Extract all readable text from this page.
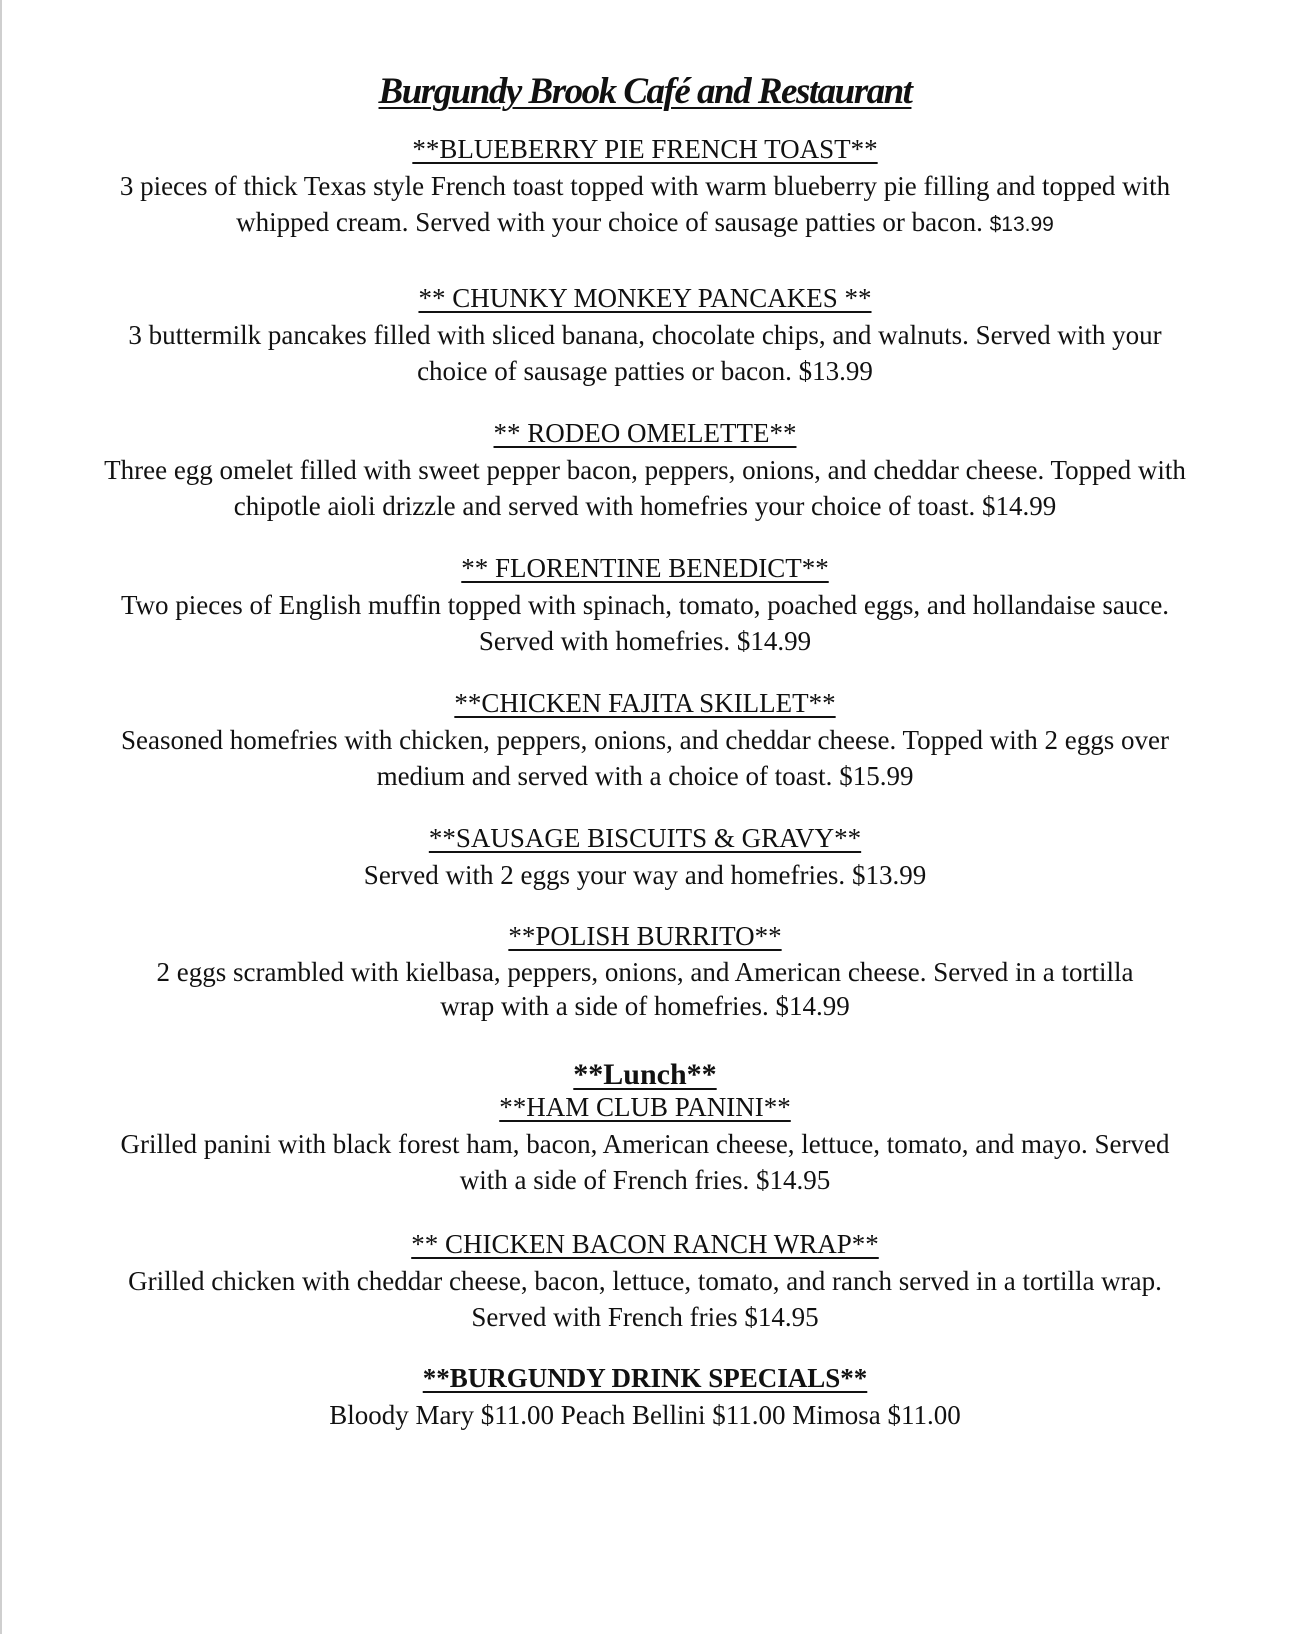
Burgundy Brook Café and Restaurant
**BLUEBERRY PIE FRENCH TOAST**
3 pieces of thick Texas style French toast topped with warm blueberry pie filling and topped with whipped cream. Served with your choice of sausage patties or bacon. $13.99
** CHUNKY MONKEY PANCAKES **
3 buttermilk pancakes filled with sliced banana, chocolate chips, and walnuts. Served with your choice of sausage patties or bacon. $13.99
** RODEO OMELETTE**
Three egg omelet filled with sweet pepper bacon, peppers, onions, and cheddar cheese. Topped with chipotle aioli drizzle and served with homefries your choice of toast. $14.99
** FLORENTINE BENEDICT**
Two pieces of English muffin topped with spinach, tomato, poached eggs, and hollandaise sauce. Served with homefries. $14.99
**CHICKEN FAJITA SKILLET**
Seasoned homefries with chicken, peppers, onions, and cheddar cheese. Topped with 2 eggs over medium and served with a choice of toast. $15.99
**SAUSAGE BISCUITS & GRAVY**
Served with 2 eggs your way and homefries. $13.99
**POLISH BURRITO**
2 eggs scrambled with kielbasa, peppers, onions, and American cheese. Served in a tortilla wrap with a side of homefries. $14.99
**Lunch**
**HAM CLUB PANINI**
Grilled panini with black forest ham, bacon, American cheese, lettuce, tomato, and mayo. Served with a side of French fries. $14.95
** CHICKEN BACON RANCH WRAP**
Grilled chicken with cheddar cheese, bacon, lettuce, tomato, and ranch served in a tortilla wrap. Served with French fries $14.95
**BURGUNDY DRINK SPECIALS**
Bloody Mary $11.00 Peach Bellini $11.00 Mimosa $11.00
